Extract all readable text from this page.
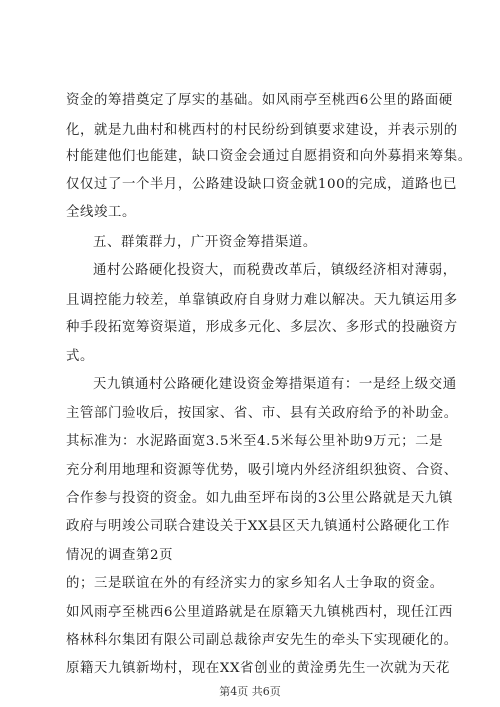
资金的筹措奠定了厚实的基础。如风雨亭至桃西6公里的路面硬
化，就是九曲村和桃西村的村民纷纷到镇要求建设，并表示别的
村能建他们也能建，缺口资金会通过自愿捐资和向外募捐来筹集。
仅仅过了一个半月，公路建设缺口资金就100的完成，道路也已
全线竣工。
五、群策群力，广开资金筹措渠道。
通村公路硬化投资大，而税费改革后，镇级经济相对薄弱，
且调控能力较差，单靠镇政府自身财力难以解决。天九镇运用多
种手段拓宽筹资渠道，形成多元化、多层次、多形式的投融资方
式。
天九镇通村公路硬化建设资金筹措渠道有：一是经上级交通
主管部门验收后，按国家、省、市、县有关政府给予的补助金。
其标准为：水泥路面宽3.5米至4.5米每公里补助9万元；二是
充分利用地理和资源等优势，吸引境内外经济组织独资、合资、
合作参与投资的资金。如九曲至坪布岗的3公里公路就是天九镇
政府与明竣公司联合建设关于XX县区天九镇通村公路硬化工作
情况的调查第2页
的；三是联谊在外的有经济实力的家乡知名人士争取的资金。
如风雨亭至桃西6公里道路就是在原籍天九镇桃西村，现任江西
格林科尔集团有限公司副总裁徐声安先生的牵头下实现硬化的。
原籍天九镇新坳村，现在XX省创业的黄淦勇先生一次就为天花
第4页 共6页
